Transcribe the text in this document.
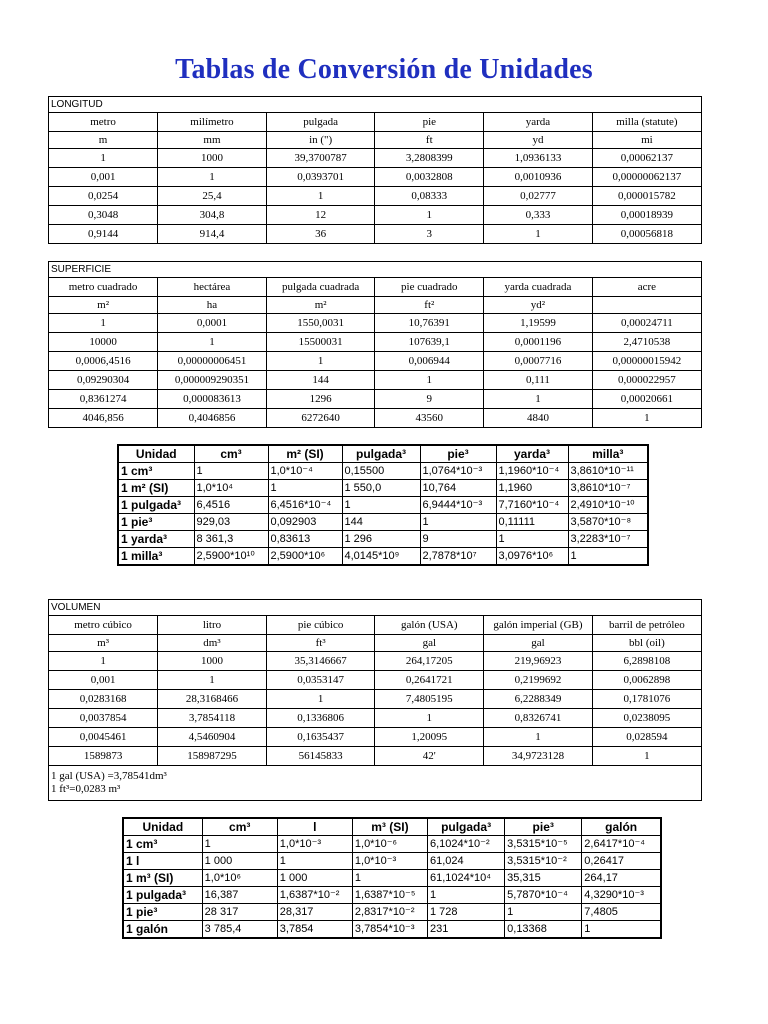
Tablas de Conversión de Unidades
LONGITUD
metro	milímetro	pulgada	pie	yarda	milla (statute)
m	mm	in (")	ft	yd	mi
1	1000	39,3700787	3,2808399	1,0936133	0,00062137
0,001	1	0,0393701	0,0032808	0,0010936	0,00000062137
0,0254	25,4	1	0,08333	0,02777	0,000015782
0,3048	304,8	12	1	0,333	0,00018939
0,9144	914,4	36	3	1	0,00056818
SUPERFICIE
metro cuadrado	hectárea	pulgada cuadrada	pie cuadrado	yarda cuadrada	acre
m²	ha	m²	ft²	yd²	
1	0,0001	1550,0031	10,76391	1,19599	0,00024711
10000	1	15500031	107639,1	0,0001196	2,4710538
0,0006,4516	0,00000006451	1	0,006944	0,0007716	0,00000015942
0,09290304	0,000009290351	144	1	0,111	0,000022957
0,8361274	0,000083613	1296	9	1	0,00020661
4046,856	0,4046856	6272640	43560	4840	1
Unidad	cm³	m² (SI)	pulgada³	pie³	yarda³	milla³
1 cm³	1	1,0*10⁻⁴	0,15500	1,0764*10⁻³	1,1960*10⁻⁴	3,8610*10⁻¹¹
1 m² (SI)	1,0*10⁴	1	1 550,0	10,764	1,1960	3,8610*10⁻⁷
1 pulgada³	6,4516	6,4516*10⁻⁴	1	6,9444*10⁻³	7,7160*10⁻⁴	2,4910*10⁻¹⁰
1 pie³	929,03	0,092903	144	1	0,11111	3,5870*10⁻⁸
1 yarda³	8 361,3	0,83613	1 296	9	1	3,2283*10⁻⁷
1 milla³	2,5900*10¹⁰	2,5900*10⁶	4,0145*10⁹	2,7878*10⁷	3,0976*10⁶	1
VOLUMEN
metro cúbico	litro	pie cúbico	galón (USA)	galón imperial (GB)	barril de petróleo
m³	dm³	ft³	gal	gal	bbl (oil)
1	1000	35,3146667	264,17205	219,96923	6,2898108
0,001	1	0,0353147	0,2641721	0,2199692	0,0062898
0,0283168	28,3168466	1	7,4805195	6,2288349	0,1781076
0,0037854	3,7854118	0,1336806	1	0,8326741	0,0238095
0,0045461	4,5460904	0,1635437	1,20095	1	0,028594
1589873	158987295	56145833	42'	34,9723128	1
1 gal (USA) =3,78541dm³
1 ft³=0,0283 m³
Unidad	cm³	l	m³ (SI)	pulgada³	pie³	galón
1 cm³	1	1,0*10⁻³	1,0*10⁻⁶	6,1024*10⁻²	3,5315*10⁻⁵	2,6417*10⁻⁴
1 l	1 000	1	1,0*10⁻³	61,024	3,5315*10⁻²	0,26417
1 m³ (SI)	1,0*10⁶	1 000	1	61,1024*10⁴	35,315	264,17
1 pulgada³	16,387	1,6387*10⁻²	1,6387*10⁻⁵	1	5,7870*10⁻⁴	4,3290*10⁻³
1 pie³	28 317	28,317	2,8317*10⁻²	1 728	1	7,4805
1 galón	3 785,4	3,7854	3,7854*10⁻³	231	0,13368	1
